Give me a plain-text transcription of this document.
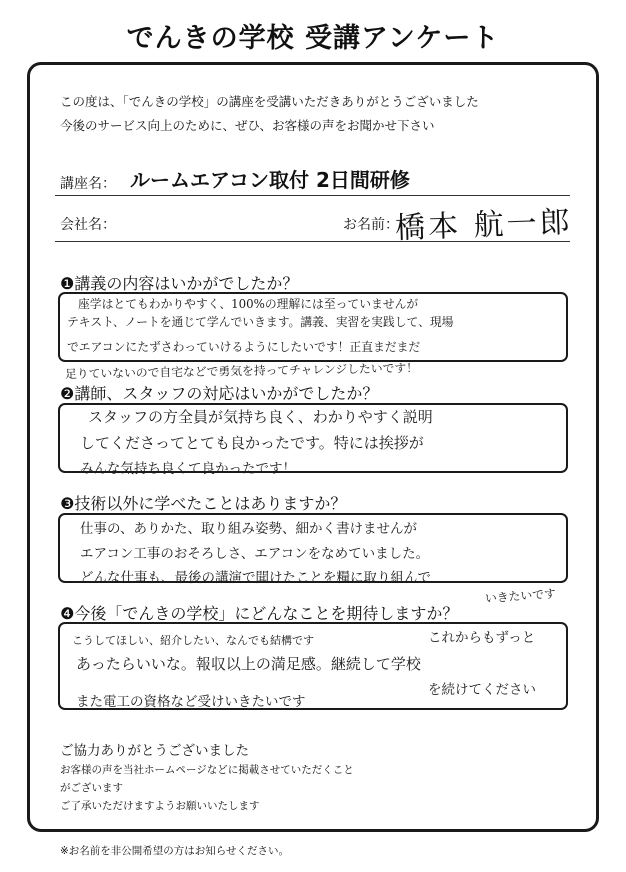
でんきの学校 受講アンケート
この度は、「でんきの学校」の講座を受講いただきありがとうございました
今後のサービス向上のために、ぜひ、お客様の声をお聞かせ下さい
講座名： ルームエアコン取付 2日間研修
会社名：	お名前：
橋本 航一郎
❶講義の内容はいかがでしたか？
座学はとてもわかりやすく、100%の理解には至っていませんが
テキスト、ノートを通じて学んでいきます。講義、実習を実践して、現場
でエアコンにたずさわっていけるようにしたいです！正直まだまだ
足りていないので自宅などで勇気を持ってチャレンジしたいです！
❷講師、スタッフの対応はいかがでしたか？
スタッフの方全員が気持ち良く、わかりやすく説明
してくださってとても良かったです。特には挨拶が
みんな気持ち良くて良かったです！
❸技術以外に学べたことはありますか？
仕事の、ありかた、取り組み姿勢、細かく書けませんが
エアコン工事のおそろしさ、エアコンをなめていました。
どんな仕事も、最後の講演で聞けたことを糧に取り組んで
いきたいです
❹今後「でんきの学校」にどんなことを期待しますか？
こうしてほしい、紹介したい、なんでも結構です	これからもずっと
あったらいいな。報収以上の満足感。継続して学校
を続けてください
また電工の資格など受けいきたいです
ご協力ありがとうございました
お客様の声を当社ホームページなどに掲載させていただくこと
がございます
ご了承いただけますようお願いいたします
※お名前を非公開希望の方はお知らせください。
